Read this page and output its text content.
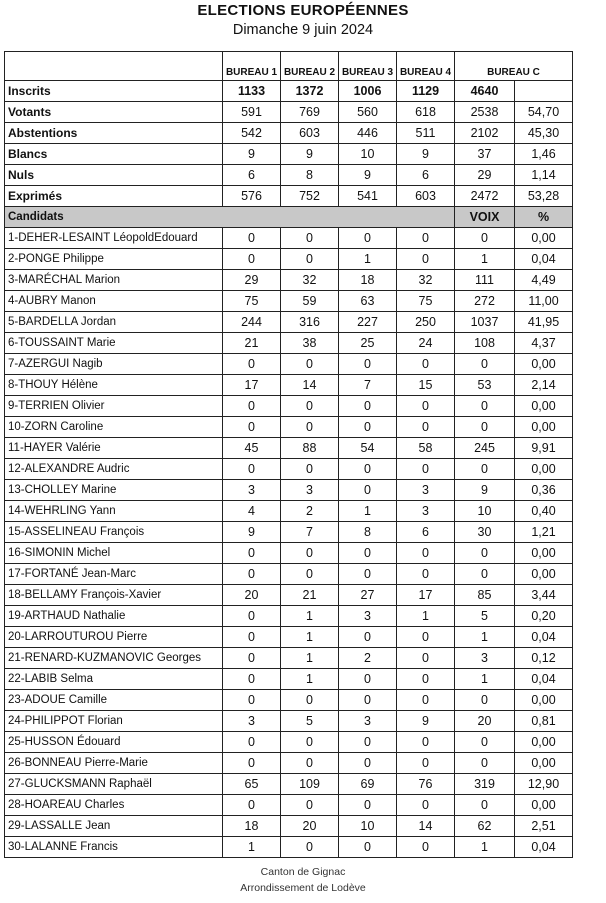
ELECTIONS EUROPÉENNES
Dimanche 9 juin 2024
	BUREAU 1	BUREAU 2	BUREAU 3	BUREAU 4	BUREAU C	
Inscrits	1133	1372	1006	1129	4640	
Votants	591	769	560	618	2538	54,70
Abstentions	542	603	446	511	2102	45,30
Blancs	9	9	10	9	37	1,46
Nuls	6	8	9	6	29	1,14
Exprimés	576	752	541	603	2472	53,28
Candidats					VOIX	%
1-DEHER-LESAINT LéopoldEdouard	0	0	0	0	0	0,00
2-PONGE Philippe	0	0	1	0	1	0,04
3-MARÉCHAL Marion	29	32	18	32	111	4,49
4-AUBRY Manon	75	59	63	75	272	11,00
5-BARDELLA Jordan	244	316	227	250	1037	41,95
6-TOUSSAINT Marie	21	38	25	24	108	4,37
7-AZERGUI Nagib	0	0	0	0	0	0,00
8-THOUY Hélène	17	14	7	15	53	2,14
9-TERRIEN Olivier	0	0	0	0	0	0,00
10-ZORN Caroline	0	0	0	0	0	0,00
11-HAYER Valérie	45	88	54	58	245	9,91
12-ALEXANDRE Audric	0	0	0	0	0	0,00
13-CHOLLEY Marine	3	3	0	3	9	0,36
14-WEHRLING Yann	4	2	1	3	10	0,40
15-ASSELINEAU François	9	7	8	6	30	1,21
16-SIMONIN Michel	0	0	0	0	0	0,00
17-FORTANÉ Jean-Marc	0	0	0	0	0	0,00
18-BELLAMY François-Xavier	20	21	27	17	85	3,44
19-ARTHAUD Nathalie	0	1	3	1	5	0,20
20-LARROUTUROU Pierre	0	1	0	0	1	0,04
21-RENARD-KUZMANOVIC Georges	0	1	2	0	3	0,12
22-LABIB Selma	0	1	0	0	1	0,04
23-ADOUE Camille	0	0	0	0	0	0,00
24-PHILIPPOT Florian	3	5	3	9	20	0,81
25-HUSSON Édouard	0	0	0	0	0	0,00
26-BONNEAU Pierre-Marie	0	0	0	0	0	0,00
27-GLUCKSMANN Raphaël	65	109	69	76	319	12,90
28-HOAREAU Charles	0	0	0	0	0	0,00
29-LASSALLE Jean	18	20	10	14	62	2,51
30-LALANNE Francis	1	0	0	0	1	0,04
Canton de Gignac
Arrondissement de Lodève
